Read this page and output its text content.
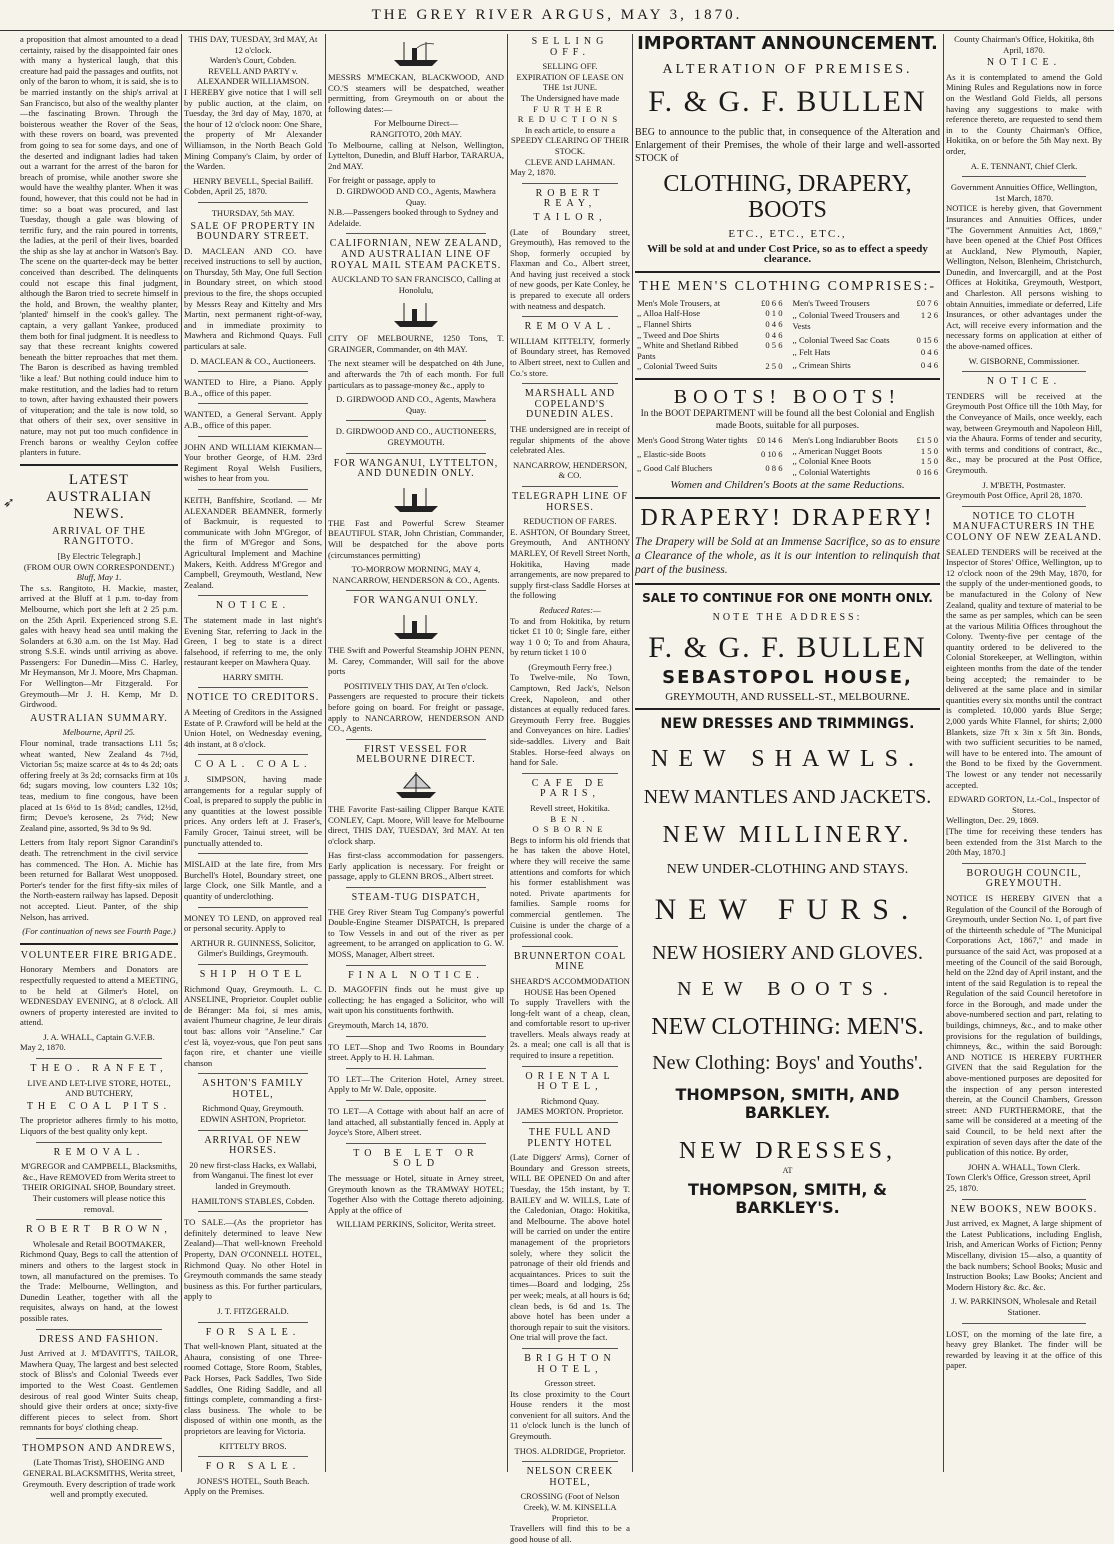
THE GREY RIVER ARGUS, MAY 3, 1870.
➶

a proposition that almost amounted to a dead certainty, raised by the disappointed fair ones with many a hysterical laugh, that this creature had paid the passages and outfits, not only of the baron to whom, it is said, she is to be married instantly on the ship's arrival at San Francisco, but also of the wealthy planter —the fascinating Brown. Through the boisterous weather the Rover of the Seas, with these rovers on board, was prevented from going to sea for some days, and one of the deserted and indignant ladies had taken out a warrant for the arrest of the baron for breach of promise, while another swore she would have the wealthy planter. When it was found, however, that this could not be had in time: so a boat was procured, and last Tuesday, though a gale was blowing of terrific fury, and the rain poured in torrents, the ladies, at the peril of their lives, boarded the ship as she lay at anchor in Watson's Bay. The scene on the quarter-deck may be better conceived than described. The delinquents could not escape this final judgment, although the Baron tried to secrete himself in the hold, and Brown, the wealthy planter, 'planted' himself in the cook's galley. The captain, a very gallant Yankee, produced them both for final judgment. It is needless to say that these recreant knights cowered beneath the bitter reproaches that met them. The Baron is described as having trembled 'like a leaf.' But nothing could induce him to make restitution, and the ladies had to return to town, after having exhausted their powers of vituperation; and the tale is now told, so that others of their sex, over sensitive in nature, may not put too much confidence in French barons or wealthy Ceylon coffee planters in future.

LATEST AUSTRALIAN NEWS.
ARRIVAL OF THE RANGITOTO.
[By Electric Telegraph.]
(FROM OUR OWN CORRESPONDENT.)
Bluff, May 1.

The s.s. Rangitoto, H. Mackie, master, arrived at the Bluff at 1 p.m. to-day from Melbourne, which port she left at 2 25 p.m. on the 25th April. Experienced strong S.E. gales with heavy head sea until making the Solanders at 6.30 a.m. on the 1st May. Had strong S.S.E. winds until arriving as above. Passengers: For Dunedin—Miss C. Harley, Mr Heymanson, Mr J. Moore, Mrs Chapman. For Wellington—Mr Fitzgerald. For Greymouth—Mr J. H. Kemp, Mr D. Girdwood.

AUSTRALIAN SUMMARY.
Melbourne, April 25.

Flour nominal, trade transactions L11 5s; wheat wanted, New Zealand 4s 7½d, Victorian 5s; maize scarce at 4s to 4s 2d; oats offering freely at 3s 2d; cornsacks firm at 10s 6d; sugars moving, low counters L32 10s; teas, medium to fine congous, have been placed at 1s 6½d to 1s 8½d; candles, 12½d, firm; Devoe's kerosene, 2s 7½d; New Zealand pine, assorted, 9s 3d to 9s 9d.

Letters from Italy report Signor Carandini's death. The retrenchment in the civil service has commenced. The Hon. A. Michie has been returned for Ballarat West unopposed. Porter's tender for the first fifty-six miles of the North-eastern railway has lapsed. Deposit not accepted. Lieut. Panter, of the ship Nelson, has arrived.

(For continuation of news see Fourth Page.)
VOLUNTEER FIRE BRIGADE.

Honorary Members and Donators are respectfully requested to attend a MEETING, to be held at Gilmer's Hotel, on WEDNESDAY EVENING, at 8 o'clock. All owners of property interested are invited to attend.

J. A. WHALL, Captain G.V.F.B.
May 2, 1870.
THEO. RANFET,
LIVE AND LET-LIVE STORE, HOTEL, AND BUTCHERY,
THE COAL PITS.

The proprietor adheres firmly to his motto, Liquors of the best quality only kept.

REMOVAL.

M'GREGOR and CAMPBELL, Blacksmiths, &c., Have REMOVED from Werita street to THEIR ORIGINAL SHOP, Boundary street. Their customers will please notice this removal.

ROBERT BROWN,
Wholesale and Retail BOOTMAKER,

Richmond Quay, Begs to call the attention of miners and others to the largest stock in town, all manufactured on the premises. To the Trade: Melbourne, Wellington, and Dunedin Leather, together with all the requisites, always on hand, at the lowest possible rates.

DRESS AND FASHION.

Just Arrived at J. M'DAVITT'S, TAILOR, Mawhera Quay, The largest and best selected stock of Bliss's and Colonial Tweeds ever imported to the West Coast. Gentlemen desirous of real good Winter Suits cheap, should give their orders at once; sixty-five different pieces to select from. Short remnants for boys' clothing cheap.

THOMPSON AND ANDREWS,

(Late Thomas Trist), SHOEING AND GENERAL BLACKSMITHS, Werita street, Greymouth. Every description of trade work well and promptly executed.

THIS DAY, TUESDAY, 3rd MAY, At 12 o'clock.
Warden's Court, Cobden.
REVELL AND PARTY v. ALEXANDER WILLIAMSON.

I HEREBY give notice that I will sell by public auction, at the claim, on Tuesday, the 3rd day of May, 1870, at the hour of 12 o'clock noon: One Share, the property of Mr Alexander Williamson, in the North Beach Gold Mining Company's Claim, by order of the Warden.

HENRY BEVELL, Special Bailiff.
Cobden, April 25, 1870.
THURSDAY, 5th MAY.
SALE OF PROPERTY IN BOUNDARY STREET.

D. MACLEAN AND CO. have received instructions to sell by auction, on Thursday, 5th May, One full Section in Boundary street, on which stood previous to the fire, the shops occupied by Messrs Reay and Kittelty and Mrs Martin, next permanent right-of-way, and in immediate proximity to Mawhera and Richmond Quays. Full particulars at sale.

D. MACLEAN & CO., Auctioneers.

WANTED to Hire, a Piano. Apply B.A., office of this paper.

WANTED, a General Servant. Apply A.B., office of this paper.

JOHN AND WILLIAM KIEKMAN—Your brother George, of H.M. 23rd Regiment Royal Welsh Fusiliers, wishes to hear from you.

KEITH, Banffshire, Scotland. — Mr ALEXANDER BEAMNER, formerly of Backmuir, is requested to communicate with John M'Gregor, of the firm of M'Gregor and Sons, Agricultural Implement and Machine Makers, Keith. Address M'Gregor and Campbell, Greymouth, Westland, New Zealand.

NOTICE.

The statement made in last night's Evening Star, referring to Jack in the Green, I beg to state is a direct falsehood, if referring to me, the only restaurant keeper on Mawhera Quay.

HARRY SMITH.
NOTICE TO CREDITORS.

A Meeting of Creditors in the Assigned Estate of P. Crawford will be held at the Union Hotel, on Wednesday evening, 4th instant, at 8 o'clock.

COAL. COAL.

J. SIMPSON, having made arrangements for a regular supply of Coal, is prepared to supply the public in any quantities at the lowest possible prices. Any orders left at J. Fraser's, Family Grocer, Tainui street, will be punctually attended to.

MISLAID at the late fire, from Mrs Burchell's Hotel, Boundary street, one large Clock, one Silk Mantle, and a quantity of underclothing.

MONEY TO LEND, on approved real or personal security. Apply to

ARTHUR R. GUINNESS, Solicitor, Gilmer's Buildings, Greymouth.
SHIP HOTEL

Richmond Quay, Greymouth. L. C. ANSELINE, Proprietor. Couplet oublie de Béranger: Ma foi, si mes amis, avaient l'humeur chagrine, Je leur dirais tout bas: allons voir "Anseline." Car c'est là, voyez-vous, que l'on peut sans façon rire, et chanter une vieille chanson

ASHTON'S FAMILY HOTEL,
Richmond Quay, Greymouth.
EDWIN ASHTON, Proprietor.
ARRIVAL OF NEW HORSES.

20 new first-class Hacks, ex Wallabi, from Wanganui. The finest lot ever landed in Greymouth.

HAMILTON'S STABLES, Cobden.

TO SALE.—(As the proprietor has definitely determined to leave New Zealand)—That well-known Freehold Property, DAN O'CONNELL HOTEL, Richmond Quay. No other Hotel in Greymouth commands the same steady business as this. For further particulars, apply to

J. T. FITZGERALD.
FOR SALE.

That well-known Plant, situated at the Ahaura, consisting of one Three-roomed Cottage, Store Room, Stables, Pack Horses, Pack Saddles, Two Side Saddles, One Riding Saddle, and all fittings complete, commanding a first-class business. The whole to be disposed of within one month, as the proprietors are leaving for Victoria.

KITTELTY BROS.
FOR SALE.
JONES'S HOTEL, South Beach.
Apply on the Premises.

MESSRS M'MECKAN, BLACKWOOD, AND CO.'S steamers will be despatched, weather permitting, from Greymouth on or about the following dates:—

For Melbourne Direct—
RANGITOTO, 20th MAY.

To Melbourne, calling at Nelson, Wellington, Lyttelton, Dunedin, and Bluff Harbor, TARARUA, 2nd MAY.

For freight or passage, apply to
D. GIRDWOOD AND CO., Agents, Mawhera Quay.
N.B.—Passengers booked through to Sydney and Adelaide.
CALIFORNIAN, NEW ZEALAND, AND AUSTRALIAN LINE OF ROYAL MAIL STEAM PACKETS.
AUCKLAND TO SAN FRANCISCO, Calling at Honolulu,

CITY OF MELBOURNE, 1250 Tons, T. GRAINGER, Commander, on 4th MAY.

The next steamer will be despatched on 4th June, and afterwards the 7th of each month. For full particulars as to passage-money &c., apply to

D. GIRDWOOD AND CO., Agents, Mawhera Quay.
D. GIRDWOOD AND CO., AUCTIONEERS, GREYMOUTH.
FOR WANGANUI, LYTTELTON, AND DUNEDIN ONLY.

THE Fast and Powerful Screw Steamer BEAUTIFUL STAR, John Christian, Commander, Will be despatched for the above ports (circumstances permitting)

TO-MORROW MORNING, MAY 4,
NANCARROW, HENDERSON & CO., Agents.
FOR WANGANUI ONLY.

THE Swift and Powerful Steamship JOHN PENN, M. Carey, Commander, Will sail for the above ports

POSITIVELY THIS DAY, At Ten o'clock.

Passengers are requested to procure their tickets before going on board. For freight or passage, apply to NANCARROW, HENDERSON AND CO., Agents.

FIRST VESSEL FOR MELBOURNE DIRECT.

THE Favorite Fast-sailing Clipper Barque KATE CONLEY, Capt. Moore, Will leave for Melbourne direct, THIS DAY, TUESDAY, 3rd MAY. At ten o'clock sharp.

Has first-class accommodation for passengers. Early application is necessary. For freight or passage, apply to GLENN BROS., Albert street.

STEAM-TUG DISPATCH,

THE Grey River Steam Tug Company's powerful Double-Engine Steamer DISPATCH, Is prepared to Tow Vessels in and out of the river as per agreement, to be arranged on application to G. W. MOSS, Manager, Albert street.

FINAL NOTICE.

D. MAGOFFIN finds out he must give up collecting; he has engaged a Solicitor, who will wait upon his constituents forthwith.

Greymouth, March 14, 1870.

TO LET—Shop and Two Rooms in Boundary street. Apply to H. H. Lahman.

TO LET—The Criterion Hotel, Arney street. Apply to Mr W. Dale, opposite.

TO LET—A Cottage with about half an acre of land attached, all substantially fenced in. Apply at Joyce's Store, Albert street.

TO BE LET OR SOLD

The messuage or Hotel, situate in Arney street, Greymouth known as the TRAMWAY HOTEL; Together Also with the Cottage thereto adjoining. Apply at the office of

WILLIAM PERKINS, Solicitor, Werita street.
SELLING OFF.
SELLING OFF.
EXPIRATION OF LEASE ON THE 1st JUNE.
The Undersigned have made
FURTHER REDUCTIONS
In each article, to ensure a
SPEEDY CLEARING OF THEIR STOCK.
CLEVE AND LAHMAN.
May 2, 1870.
ROBERT REAY,
TAILOR,

(Late of Boundary street, Greymouth), Has removed to the Shop, formerly occupied by Flaxman and Co., Albert street, And having just received a stock of new goods, per Kate Conley, he is prepared to execute all orders with neatness and despatch.

REMOVAL.

WILLIAM KITTELTY, formerly of Boundary street, has Removed to Albert street, next to Cullen and Co.'s store.

MARSHALL AND COPELAND'S DUNEDIN ALES.

THE undersigned are in receipt of regular shipments of the above celebrated Ales.

NANCARROW, HENDERSON, & CO.
TELEGRAPH LINE OF HORSES.
REDUCTION OF FARES.

E. ASHTON, Of Boundary Street, Greymouth, And ANTHONY MARLEY, Of Revell Street North, Hokitika, Having made arrangements, are now prepared to supply first-class Saddle Horses at the following

Reduced Rates:—

To and from Hokitika, by return ticket £1 10 0; Single fare, either way 1 0 0; To and from Ahaura, by return ticket 1 10 0

(Greymouth Ferry free.)

To Twelve-mile, No Town, Camptown, Red Jack's, Nelson Creek, Napoleon, and other distances at equally reduced fares. Greymouth Ferry free. Buggies and Conveyances on hire. Ladies' side-saddles. Livery and Bait Stables. Horse-feed always on hand for Sale.

CAFE DE PARIS,
Revell street, Hokitika.
BEN. OSBORNE

Begs to inform his old friends that he has taken the above Hotel, where they will receive the same attentions and comforts for which his former establishment was noted. Private apartments for families. Sample rooms for commercial gentlemen. The Cuisine is under the charge of a professional cook.

BRUNNERTON COAL MINE
SHEARD'S ACCOMMODATION HOUSE Has been Opened

To supply Travellers with the long-felt want of a cheap, clean, and comfortable resort to up-river travellers. Meals always ready at 2s. a meal; one call is all that is required to insure a repetition.

ORIENTAL HOTEL,
Richmond Quay.
JAMES MORTON. Proprietor.
THE FULL AND PLENTY HOTEL

(Late Diggers' Arms), Corner of Boundary and Gresson streets, WILL BE OPENED On and after Tuesday, the 15th instant, by T. BAILEY and W. WILLS, Late of the Caledonian, Otago: Hokitika, and Melbourne. The above hotel will be carried on under the entire management of the proprietors solely, where they solicit the patronage of their old friends and acquaintances. Prices to suit the times—Board and lodging, 25s per week; meals, at all hours is 6d; clean beds, is 6d and 1s. The above hotel has been under a thorough repair to suit the visitors. One trial will prove the fact.

BRIGHTON HOTEL,
Gresson street.

Its close proximity to the Court House renders it the most convenient for all suitors. And the 11 o'clock lunch is the lunch of Greymouth.

THOS. ALDRIDGE, Proprietor.
NELSON CREEK HOTEL,
CROSSING (Foot of Nelson Creek), W. M. KINSELLA Proprietor.

Travellers will find this to be a good house of all.

IMPORTANT ANNOUNCEMENT.
ALTERATION OF PREMISES.
F. & G. F. BULLEN

BEG to announce to the public that, in consequence of the Alteration and Enlargement of their Premises, the whole of their large and well-assorted STOCK of

CLOTHING, DRAPERY, BOOTS
ETC., ETC., ETC.,
Will be sold at and under Cost Price, so as to effect a speedy clearance.
THE MEN'S CLOTHING COMPRISES:-
Men's Mole Trousers, at	£0 6 6
,, Alloa Half-Hose	0 1 0
,, Flannel Shirts	0 4 6
,, Tweed and Doe Shirts	0 4 6
,, White and Shetland Ribbed Pants	0 5 6
,, Colonial Tweed Suits	2 5 0
Men's Tweed Trousers	£0 7 6
,, Colonial Tweed Trousers and Vests	1 2 6
,, Colonial Tweed Sac Coats	0 15 6
,, Felt Hats	0 4 6
,, Crimean Shirts	0 4 6
BOOTS! BOOTS!
In the BOOT DEPARTMENT will be found all the best Colonial and English made Boots, suitable for all purposes.
Men's Good Strong Water tights	£0 14 6
,, Elastic-side Boots	0 10 6
,, Good Calf Bluchers	0 8 6
Men's Long Indiarubber Boots	£1 5 0
,, American Nugget Boots	1 5 0
,, Colonial Knee Boots	1 5 0
,, Colonial Watertights	0 16 6
Women and Children's Boots at the same Reductions.
DRAPERY! DRAPERY!

The Drapery will be Sold at an Immense Sacrifice, so as to ensure a Clearance of the whole, as it is our intention to relinquish that part of the business.

SALE TO CONTINUE FOR ONE MONTH ONLY.
NOTE THE ADDRESS:
F. & G. F. BULLEN
SEBASTOPOL HOUSE,
GREYMOUTH, AND RUSSELL-ST., MELBOURNE.
NEW DRESSES AND TRIMMINGS.
NEW SHAWLS.
NEW MANTLES AND JACKETS.
NEW MILLINERY.
NEW UNDER-CLOTHING AND STAYS.
NEW FURS.
NEW HOSIERY AND GLOVES.
NEW BOOTS.
NEW CLOTHING: MEN'S.
New Clothing: Boys' and Youths'.
THOMPSON, SMITH, AND BARKLEY.
NEW DRESSES,
AT
THOMPSON, SMITH, & BARKLEY'S.
County Chairman's Office, Hokitika, 8th April, 1870.
NOTICE.

As it is contemplated to amend the Gold Mining Rules and Regulations now in force on the Westland Gold Fields, all persons having any suggestions to make with reference thereto, are requested to send them in to the County Chairman's Office, Hokitika, on or before the 5th May next. By order,

A. E. TENNANT, Chief Clerk.
Government Annuities Office, Wellington, 1st March, 1870.

NOTICE is hereby given, that Government Insurances and Annuities Offices, under "The Government Annuities Act, 1869," have been opened at the Chief Post Offices at Auckland, New Plymouth, Napier, Wellington, Nelson, Blenheim, Christchurch, Dunedin, and Invercargill, and at the Post Offices at Hokitika, Greymouth, Westport, and Charleston. All persons wishing to obtain Annuities, immediate or deferred, Life Insurances, or other advantages under the Act, will receive every information and the necessary forms on application at either of the above-named offices.

W. GISBORNE, Commissioner.
NOTICE.

TENDERS will be received at the Greymouth Post Office till the 10th May, for the Conveyance of Mails, once weekly, each way, between Greymouth and Napoleon Hill, via the Ahaura. Forms of tender and security, with terms and conditions of contract, &c., &c., may be procured at the Post Office, Greymouth.

J. M'BETH, Postmaster.
Greymouth Post Office, April 28, 1870.
NOTICE TO CLOTH MANUFACTURERS IN THE COLONY OF NEW ZEALAND.

SEALED TENDERS will be received at the Inspector of Stores' Office, Wellington, up to 12 o'clock noon of the 29th May, 1870, for the supply of the under-mentioned goods, to be manufactured in the Colony of New Zealand, quality and texture of material to be the same as per samples, which can be seen at the various Militia Offices throughout the Colony. Twenty-five per centage of the quantity ordered to be delivered to the Colonial Storekeeper, at Wellington, within eighteen months from the date of the tender being accepted; the remainder to be delivered at the same place and in similar quantities every six months until the contract is completed. 10,000 yards Blue Serge; 2,000 yards White Flannel, for shirts; 2,000 Blankets, size 7ft x 3in x 5ft 3in. Bonds, with two sufficient securities to be named, will have to be entered into. The amount of the Bond to be fixed by the Government. The lowest or any tender not necessarily accepted.

EDWARD GORTON, Lt.-Col., Inspector of Stores.
Wellington, Dec. 29, 1869.

[The time for receiving these tenders has been extended from the 31st March to the 20th May, 1870.]

BOROUGH COUNCIL, GREYMOUTH.

NOTICE IS HEREBY GIVEN that a Regulation of the Council of the Borough of Greymouth, under Section No. 1, of part five of the thirteenth schedule of "The Municipal Corporations Act, 1867," and made in pursuance of the said Act, was proposed at a meeting of the Council of the said Borough, held on the 22nd day of April instant, and the intent of the said Regulation is to repeal the Regulation of the said Council heretofore in force in the Borough, and made under the above-numbered section and part, relating to buildings, chimneys, &c., and to make other provisions for the regulation of buildings, chimneys, &c., within the said Borough: AND NOTICE IS HEREBY FURTHER GIVEN that the said Regulation for the above-mentioned purposes are deposited for the inspection of any person interested therein, at the Council Chambers, Gresson street: AND FURTHERMORE, that the same will be considered at a meeting of the said Council, to be held next after the expiration of seven days after the date of the publication of this notice. By order,

JOHN A. WHALL, Town Clerk.
Town Clerk's Office, Gresson street, April 25, 1870.
NEW BOOKS, NEW BOOKS.

Just arrived, ex Magnet, A large shipment of the Latest Publications, including English, Irish, and American Works of Fiction; Penny Miscellany, division 15—also, a quantity of the back numbers; School Books; Music and Instruction Books; Law Books; Ancient and Modern History &c. &c. &c.

J. W. PARKINSON, Wholesale and Retail Stationer.

LOST, on the morning of the late fire, a heavy grey Blanket. The finder will be rewarded by leaving it at the office of this paper.
